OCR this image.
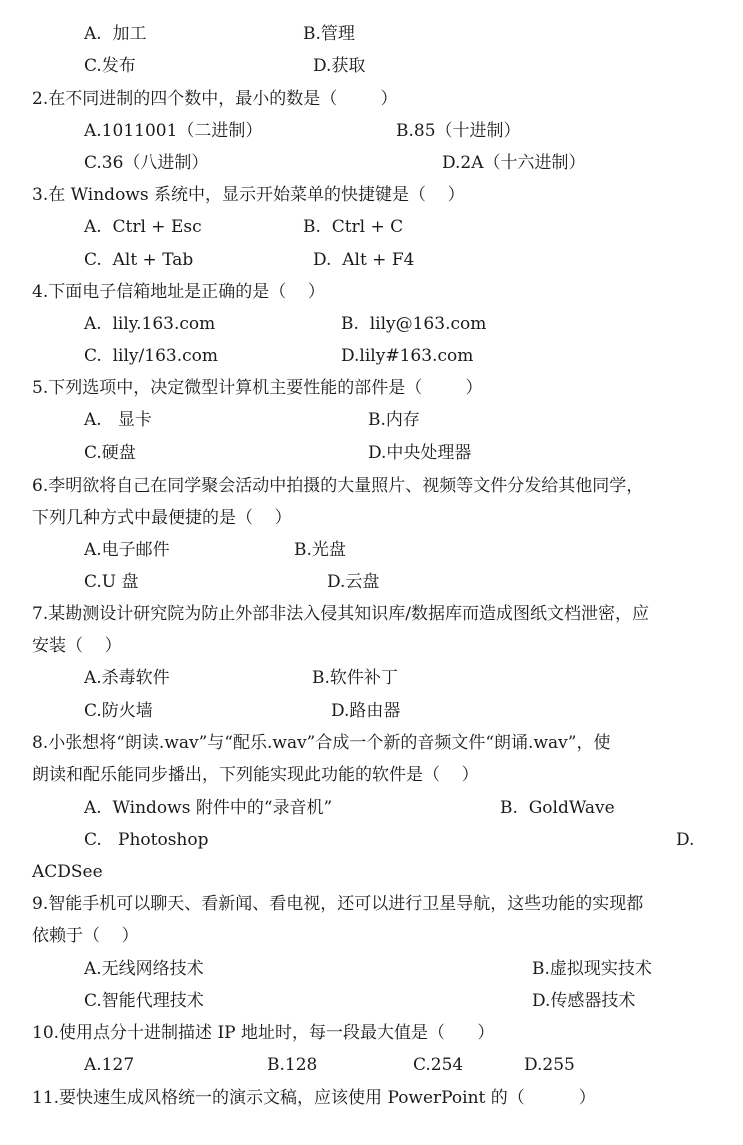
A.  加工	B.管理
C.发布	D.获取
2.在不同进制的四个数中，最小的数是（        ）
A.1011001（二进制）	B.85（十进制）
C.36（八进制）	D.2A（十六进制）
3.在 Windows 系统中，显示开始菜单的快捷键是（    ）
A.  Ctrl + Esc	B.  Ctrl + C
C.  Alt + Tab	D.  Alt + F4
4.下面电子信箱地址是正确的是（    ）
A.  lily.163.com	B.  lily@163.com
C.  lily/163.com	D.lily#163.com
5.下列选项中，决定微型计算机主要性能的部件是（        ）
A.   显卡	B.内存
C.硬盘	D.中央处理器
6.李明欲将自己在同学聚会活动中拍摄的大量照片、视频等文件分发给其他同学，
下列几种方式中最便捷的是（    ）
A.电子邮件	B.光盘
C.U 盘	D.云盘
7.某勘测设计研究院为防止外部非法入侵其知识库/数据库而造成图纸文档泄密，应
安装（    ）
A.杀毒软件	B.软件补丁
C.防火墙	D.路由器
8.小张想将“朗读.wav”与“配乐.wav”合成一个新的音频文件“朗诵.wav”，使
朗读和配乐能同步播出，下列能实现此功能的软件是（    ）
A.  Windows 附件中的“录音机”	B.  GoldWave
C.   Photoshop	D.
ACDSee
9.智能手机可以聊天、看新闻、看电视，还可以进行卫星导航，这些功能的实现都
依赖于（    ）
A.无线网络技术	B.虚拟现实技术
C.智能代理技术	D.传感器技术
10.使用点分十进制描述 IP 地址时，每一段最大值是（      ）
A.127	B.128	C.254	D.255
11.要快速生成风格统一的演示文稿，应该使用 PowerPoint 的（          ）
